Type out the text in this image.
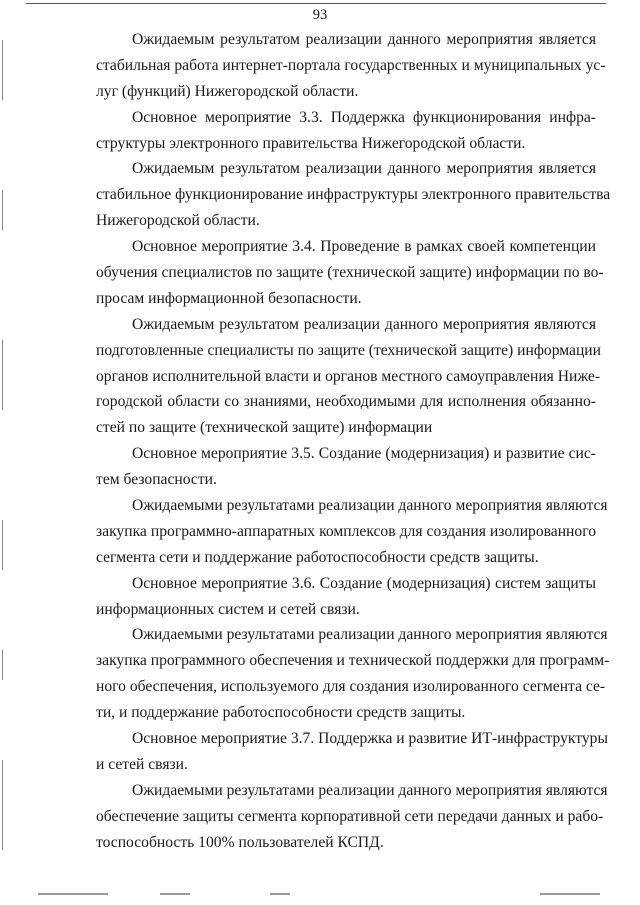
93
Ожидаемым результатом реализации данного мероприятия является
стабильная работа интернет-портала государственных и муниципальных ус-
луг (функций) Нижегородской области.
Основное мероприятие 3.3. Поддержка функционирования инфра-
структуры электронного правительства Нижегородской области.
Ожидаемым результатом реализации данного мероприятия является
стабильное функционирование инфраструктуры электронного правительства
Нижегородской области.
Основное мероприятие 3.4. Проведение в рамках своей компетенции
обучения специалистов по защите (технической защите) информации по во-
просам информационной безопасности.
Ожидаемым результатом реализации данного мероприятия являются
подготовленные специалисты по защите (технической защите) информации
органов исполнительной власти и органов местного самоуправления Ниже-
городской области со знаниями, необходимыми для исполнения обязанно-
стей по защите (технической защите) информации
Основное мероприятие 3.5. Создание (модернизация) и развитие сис-
тем безопасности.
Ожидаемыми результатами реализации данного мероприятия являются
закупка программно-аппаратных комплексов для создания изолированного
сегмента сети и поддержание работоспособности средств защиты.
Основное мероприятие 3.6. Создание (модернизация) систем защиты
информационных систем и сетей связи.
Ожидаемыми результатами реализации данного мероприятия являются
закупка программного обеспечения и технической поддержки для программ-
ного обеспечения, используемого для создания изолированного сегмента се-
ти, и поддержание работоспособности средств защиты.
Основное мероприятие 3.7. Поддержка и развитие ИТ-инфраструктуры
и сетей связи.
Ожидаемыми результатами реализации данного мероприятия являются
обеспечение защиты сегмента корпоративной сети передачи данных и рабо-
тоспособность 100% пользователей КСПД.
